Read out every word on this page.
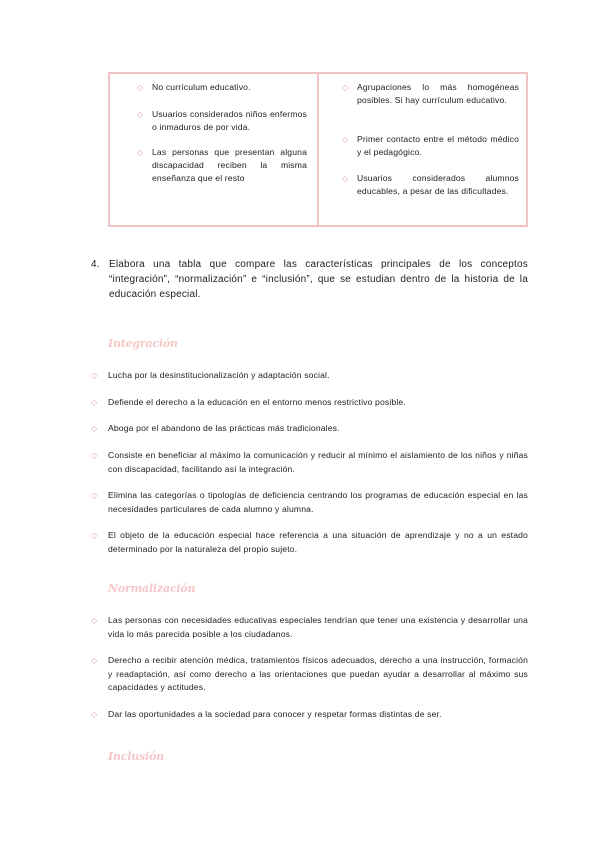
◇ No currículum educativo.
◇ Usuarios considerados niños enfermos o inmaduros de por vida.
◇ Las personas que presentan alguna discapacidad reciben la misma enseñanza que el resto
◇ Agrupaciones lo más homogéneas posibles. Si hay currículum educativo.
◇ Primer contacto entre el método médico y el pedagógico.
◇ Usuarios considerados alumnos educables, a pesar de las dificultades.
4. Elabora una tabla que compare las características principales de los conceptos “integración”, “normalización” e “inclusión”, que se estudian dentro de la historia de la educación especial.
Integración
◇ Lucha por la desinstitucionalización y adaptación social.
◇ Defiende el derecho a la educación en el entorno menos restrictivo posible.
◇ Aboga por el abandono de las prácticas más tradicionales.
◇ Consiste en beneficiar al máximo la comunicación y reducir al mínimo el aislamiento de los niños y niñas con discapacidad, facilitando así la integración.
◇ Elimina las categorías o tipologías de deficiencia centrando los programas de educación especial en las necesidades particulares de cada alumno y alumna.
◇ El objeto de la educación especial hace referencia a una situación de aprendizaje y no a un estado determinado por la naturaleza del propio sujeto.
Normalización
◇ Las personas con necesidades educativas especiales tendrían que tener una existencia y desarrollar una vida lo más parecida posible a los ciudadanos.
◇ Derecho a recibir atención médica, tratamientos físicos adecuados, derecho a una instrucción, formación y readaptación, así como derecho a las orientaciones que puedan ayudar a desarrollar al máximo sus capacidades y actitudes.
◇ Dar las oportunidades a la sociedad para conocer y respetar formas distintas de ser.
Inclusión
